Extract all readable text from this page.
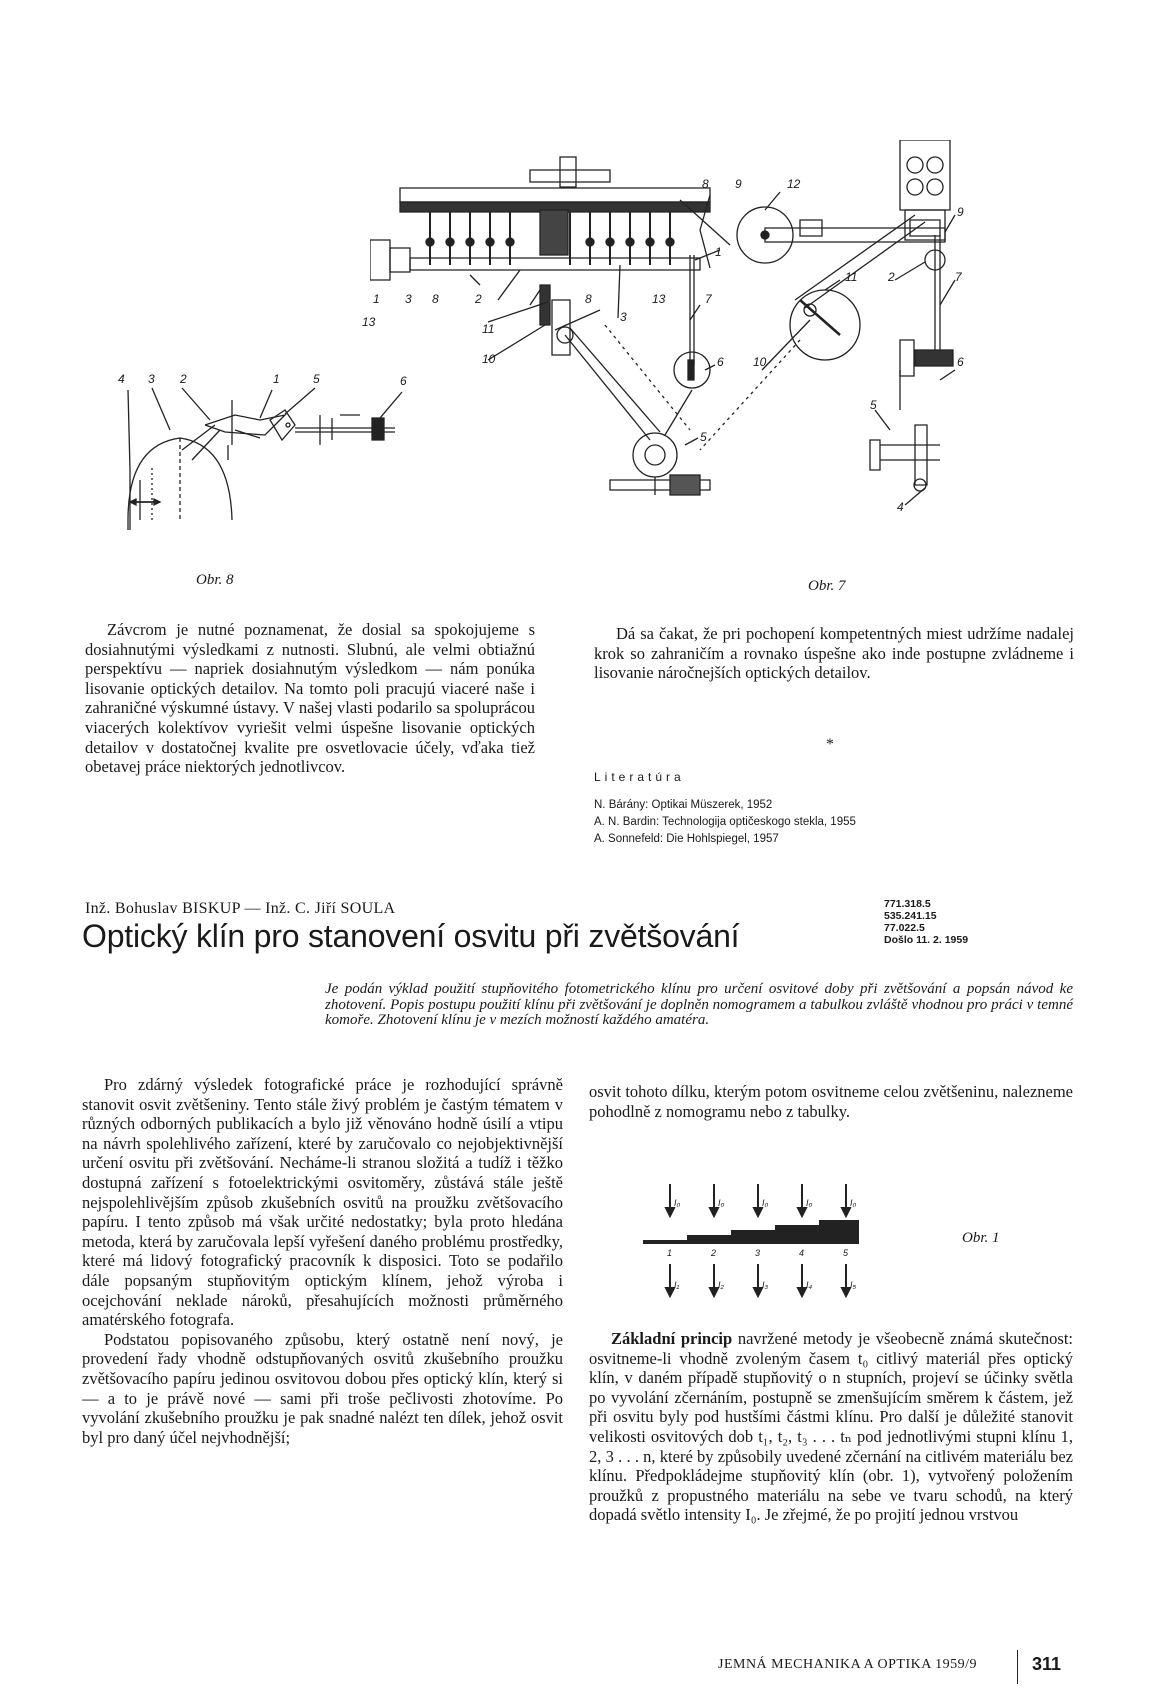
4 3 2	1	5	6
Obr. 8
8 9	12
9
1
11	2	7
1 3 8	2	8	13	7
3
13	11
10	6 10	6
5
5
4
Obr. 7

Závcrom je nutné poznamenat, že dosial sa spokojujeme s dosiahnutými výsledkami z nutnosti. Slubnú, ale velmi obtiažnú perspektívu — napriek dosiahnutým výsledkom — nám ponúka lisovanie optických detailov. Na tomto poli pracujú viaceré naše i zahraničné výskumné ústavy. V našej vlasti podarilo sa spoluprácou viacerých kolektívov vyriešit velmi úspešne lisovanie optických detailov v dostatočnej kvalite pre osvetlovacie účely, vďaka tiež obetavej práce niektorých jednotlivcov.

Dá sa čakat, že pri pochopení kompetentných miest udržíme nadalej krok so zahraničím a rovnako úspešne ako inde postupne zvládneme i lisovanie náročnejších optických detailov.

*
Literatúra
N. Bárány: Optikai Müszerek, 1952
A. N. Bardin: Technologija optičeskogo stekla, 1955
A. Sonnefeld: Die Hohlspiegel, 1957
Inž. Bohuslav BISKUP — Inž. C. Jiří SOULA	771.318.5
535.241.15
77.022.5
Došlo 11. 2. 1959
Optický klín pro stanovení osvitu při zvětšování
Je podán výklad použití stupňovitého fotometrického klínu pro určení osvitové doby při zvětšování a popsán návod ke zhotovení. Popis postupu použití klínu při zvětšování je doplněn nomogramem a tabulkou zvláště vhodnou pro práci v temné komoře. Zhotovení klínu je v mezích možností každého amatéra.

Pro zdárný výsledek fotografické práce je rozhodující správně stanovit osvit zvětšeniny. Tento stále živý problém je častým tématem v různých odborných publikacích a bylo již věnováno hodně úsilí a vtipu na návrh spolehlivého zařízení, které by zaručovalo co nejobjektivnější určení osvitu při zvětšování. Necháme-li stranou složitá a tudíž i těžko dostupná zařízení s fotoelektrickými osvitoměry, zůstává stále ještě nejspolehlivějším způsob zkušebních osvitů na proužku zvětšovacího papíru. I tento způsob má však určité nedostatky; byla proto hledána metoda, která by zaručovala lepší vyřešení daného problému prostředky, které má lidový fotografický pracovník k disposici. Toto se podařilo dále popsaným stupňovitým optickým klínem, jehož výroba i ocejchování neklade nároků, přesahujících možnosti průměrného amatérského fotografa.

Podstatou popisovaného způsobu, který ostatně není nový, je provedení řady vhodně odstupňovaných osvitů zkušebního proužku zvětšovacího papíru jedinou osvitovou dobou přes optický klín, který si — a to je právě nové — sami při troše pečlivosti zhotovíme. Po vyvolání zkušebního proužku je pak snadné nalézt ten dílek, jehož osvit byl pro daný účel nejvhodnější;

osvit tohoto dílku, kterým potom osvitneme celou zvětšeninu, nalezneme pohodlně z nomogramu nebo z tabulky.

I₀	I₀	I₀	I₀	I₀
1	2	3	4	5
I₁	I₂	I₃	I₄	I₅
Obr. 1

Základní princip navržené metody je všeobecně známá skutečnost: osvitneme-li vhodně zvoleným časem t₀ citlivý materiál přes optický klín, v daném případě stupňovitý o n stupních, projeví se účinky světla po vyvolání zčernáním, postupně se zmenšujícím směrem k částem, jež při osvitu byly pod hustšími částmi klínu. Pro další je důležité stanovit velikosti osvitových dob t₁, t₂, t₃ . . . tₙ pod jednotlivými stupni klínu 1, 2, 3 . . . n, které by způsobily uvedené zčernání na citlivém materiálu bez klínu. Předpokládejme stupňovitý klín (obr. 1), vytvořený položením proužků z propustného materiálu na sebe ve tvaru schodů, na který dopadá světlo intensity I₀. Je zřejmé, že po projití jednou vrstvou

JEMNÁ MECHANIKA A OPTIKA 1959/9	311
